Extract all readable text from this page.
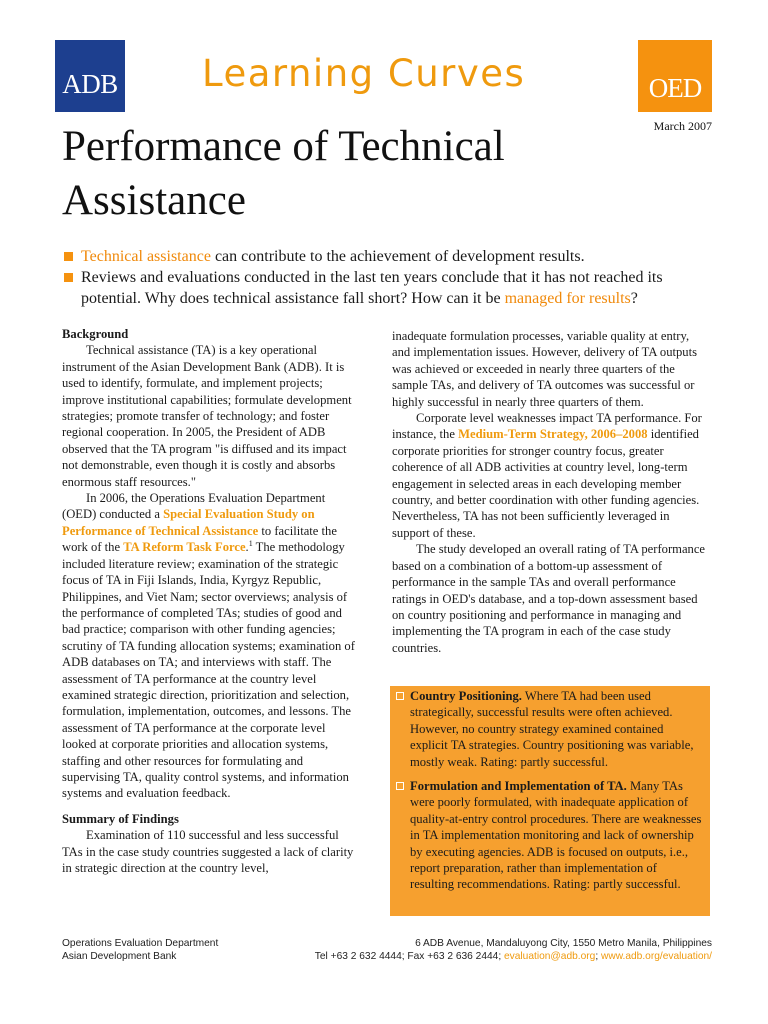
ADB Learning Curves	OED
March 2007
Performance of Technical
Assistance
Technical assistance can contribute to the achievement of development results.
Reviews and evaluations conducted in the last ten years conclude that it has not reached its potential. Why does technical assistance fall short? How can it be managed for results?

Background

Technical assistance (TA) is a key operational instrument of the Asian Development Bank (ADB). It is used to identify, formulate, and implement projects; improve institutional capabilities; formulate development strategies; promote transfer of technology; and foster regional cooperation. In 2005, the President of ADB observed that the TA program "is diffused and its impact not demonstrable, even though it is costly and absorbs enormous staff resources."

In 2006, the Operations Evaluation Department (OED) conducted a Special Evaluation Study on Performance of Technical Assistance to facilitate the work of the TA Reform Task Force.$^1$ The methodology included literature review; examination of the strategic focus of TA in Fiji Islands, India, Kyrgyz Republic, Philippines, and Viet Nam; sector overviews; analysis of the performance of completed TAs; studies of good and bad practice; comparison with other funding agencies; scrutiny of TA funding allocation systems; examination of ADB databases on TA; and interviews with staff. The assessment of TA performance at the country level examined strategic direction, prioritization and selection, formulation, implementation, outcomes, and lessons. The assessment of TA performance at the corporate level looked at corporate priorities and allocation systems, staffing and other resources for formulating and supervising TA, quality control systems, and information systems and evaluation feedback.

Summary of Findings

Examination of 110 successful and less successful TAs in the case study countries suggested a lack of clarity in strategic direction at the country level,

inadequate formulation processes, variable quality at entry, and implementation issues. However, delivery of TA outputs was achieved or exceeded in nearly three quarters of the sample TAs, and delivery of TA outcomes was successful or highly successful in nearly three quarters of them.

Corporate level weaknesses impact TA performance. For instance, the Medium-Term Strategy, 2006–2008 identified corporate priorities for stronger country focus, greater coherence of all ADB activities at country level, long-term engagement in selected areas in each developing member country, and better coordination with other funding agencies. Nevertheless, TA has not been sufficiently leveraged in support of these.

The study developed an overall rating of TA performance based on a combination of a bottom-up assessment of performance in the sample TAs and overall performance ratings in OED's database, and a top-down assessment based on country positioning and performance in managing and implementing the TA program in each of the case study countries.

Country Positioning. Where TA had been used strategically, successful results were often achieved. However, no country strategy examined contained explicit TA strategies. Country positioning was variable, mostly weak. Rating: partly successful.
Formulation and Implementation of TA. Many TAs were poorly formulated, with inadequate application of quality-at-entry control procedures. There are weaknesses in TA implementation monitoring and lack of ownership by executing agencies. ADB is focused on outputs, i.e., report preparation, rather than implementation of resulting recommendations. Rating: partly successful.
Operations Evaluation Department
Asian Development Bank
6 ADB Avenue, Mandaluyong City, 1550 Metro Manila, Philippines
Tel +63 2 632 4444; Fax +63 2 636 2444; evaluation@adb.org; www.adb.org/evaluation/
